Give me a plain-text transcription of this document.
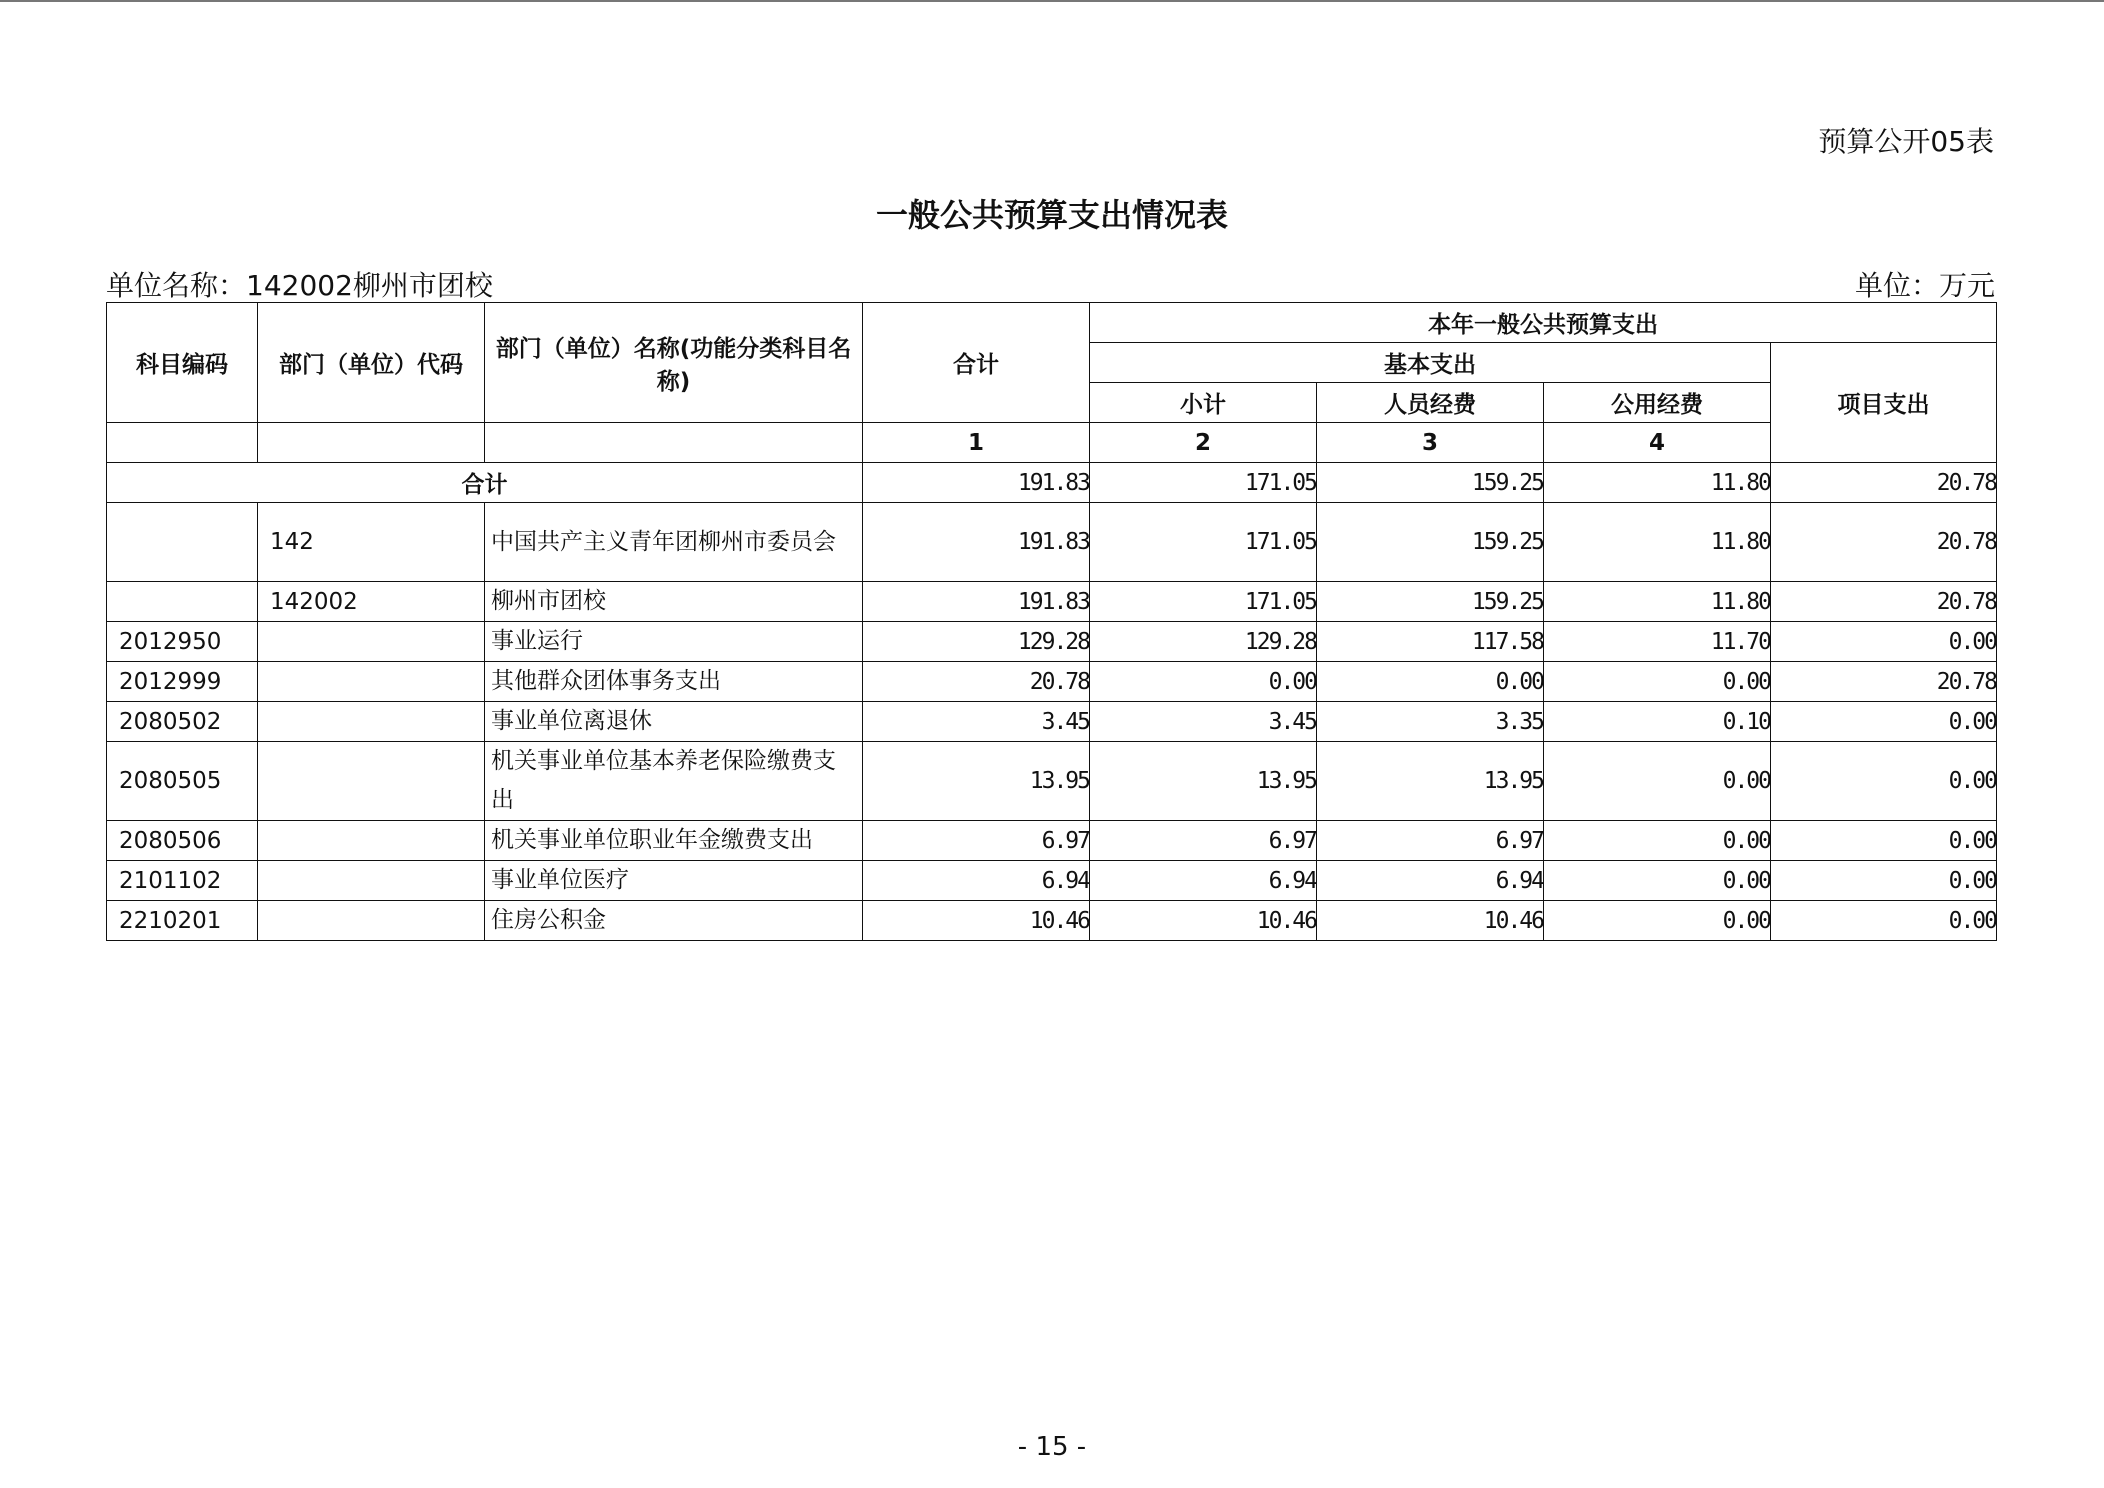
预算公开05表
一般公共预算支出情况表
单位名称：142002柳州市团校	单位：万元
科目编码	部门（单位）代码	部门（单位）名称(功能分类科目名称)	合计	本年一般公共预算支出			
				基本支出			项目支出
				小计	人员经费	公用经费	
			1	2	3	4	
合计			191.83	171.05	159.25	11.80	20.78
	142	中国共产主义青年团柳州市委员会	191.83	171.05	159.25	11.80	20.78
	142002	柳州市团校	191.83	171.05	159.25	11.80	20.78
2012950		事业运行	129.28	129.28	117.58	11.70	0.00
2012999		其他群众团体事务支出	20.78	0.00	0.00	0.00	20.78
2080502		事业单位离退休	3.45	3.45	3.35	0.10	0.00
2080505		机关事业单位基本养老保险缴费支出	13.95	13.95	13.95	0.00	0.00
2080506		机关事业单位职业年金缴费支出	6.97	6.97	6.97	0.00	0.00
2101102		事业单位医疗	6.94	6.94	6.94	0.00	0.00
2210201		住房公积金	10.46	10.46	10.46	0.00	0.00
- 15 -
